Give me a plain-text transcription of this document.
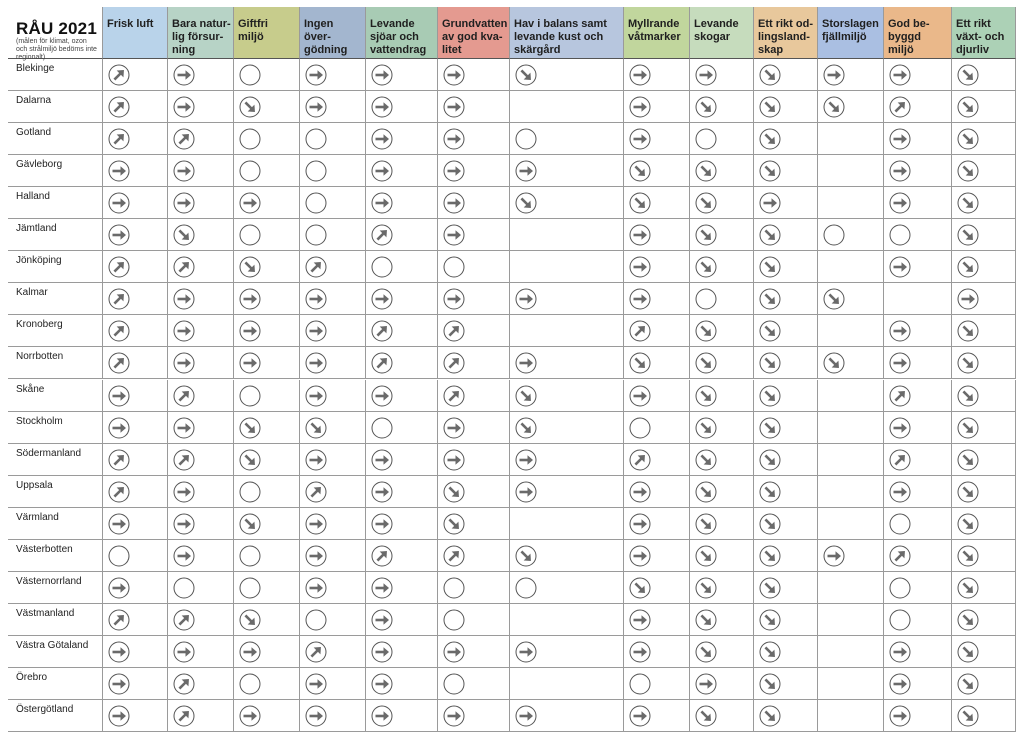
RÅU 2021
(målen för klimat, ozon och strålmiljö bedöms inte regionalt)
Frisk luft	Bara natur-
lig försur-
ning
Giftfri
miljö
Ingen över-
gödning
Levande
sjöar och
vattendrag
Grundvatten
av god kva-
litet
Hav i balans samt
levande kust och
skärgård
Myllrande
våtmarker
Levande
skogar
Ett rikt od-
lingsland-
skap
Storslagen
fjällmiljö
God be-
byggd
miljö
Ett rikt
växt- och
djurliv
Blekinge
Dalarna
Gotland
Gävleborg
Halland
Jämtland
Jönköping
Kalmar
Kronoberg
Norrbotten
Skåne
Stockholm
Södermanland
Uppsala
Värmland
Västerbotten
Västernorrland
Västmanland
Västra Götaland
Örebro
Östergötland
